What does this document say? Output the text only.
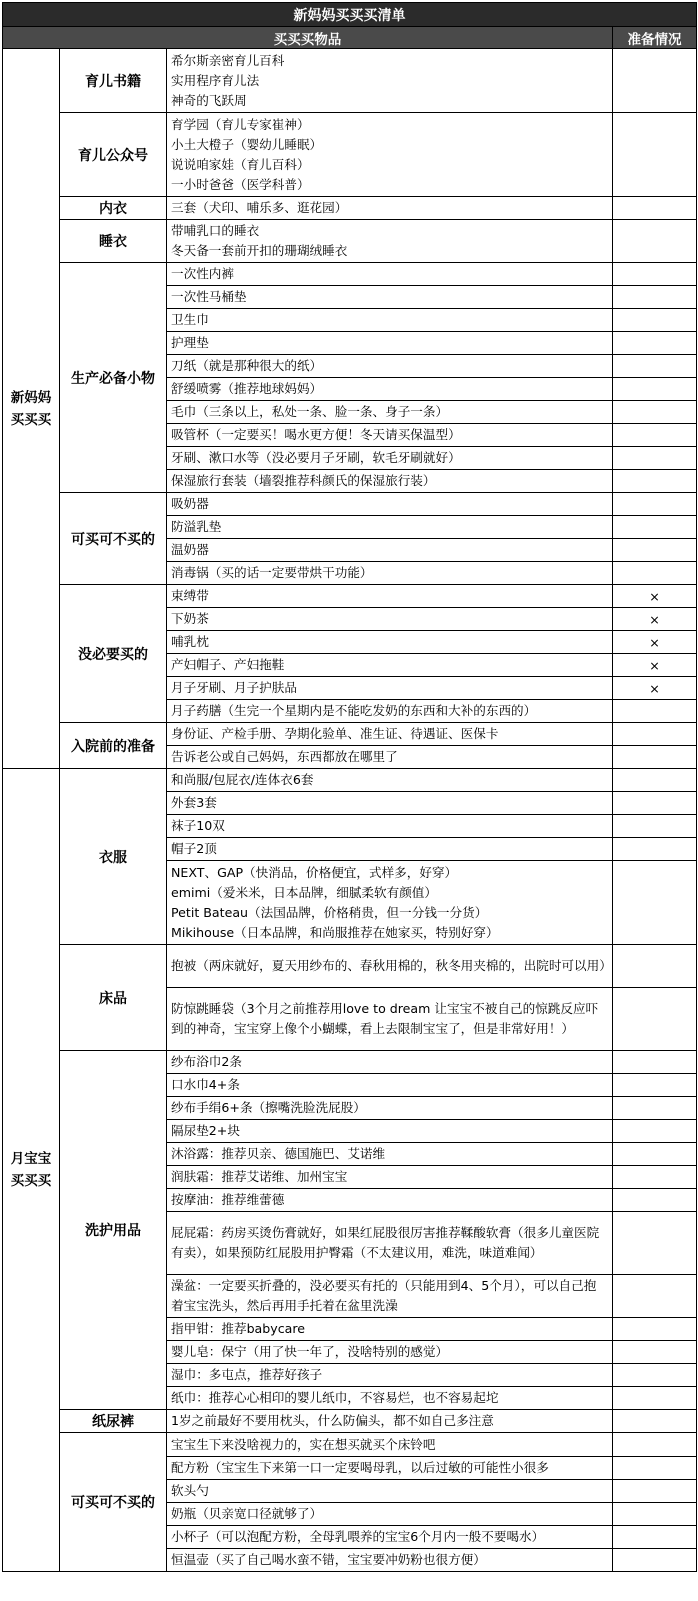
新妈妈买买买清单			
买买买物品			准备情况

新妈妈
买买买	育儿书籍	希尔斯亲密育儿百科
实用程序育儿法
神奇的飞跃周	

	育儿公众号	育学园（育儿专家崔神）
小土大橙子（婴幼儿睡眠）
说说咱家娃（育儿百科）
一小时爸爸（医学科普）	

	内衣	三套（犬印、哺乐多、逛花园）	

	睡衣	带哺乳口的睡衣
冬天备一套前开扣的珊瑚绒睡衣	

	生产必备小物	一次性内裤	

		一次性马桶垫	

		卫生巾	

		护理垫	

		刀纸（就是那种很大的纸）	

		舒缓喷雾（推荐地球妈妈）	

		毛巾（三条以上，私处一条、脸一条、身子一条）	

		吸管杯（一定要买！喝水更方便！冬天请买保温型）	

		牙刷、漱口水等（没必要月子牙刷，软毛牙刷就好）	

		保湿旅行套装（墙裂推荐科颜氏的保湿旅行装）	

	可买可不买的	吸奶器	

		防溢乳垫	

		温奶器	

		消毒锅（买的话一定要带烘干功能）	

	没必要买的	束缚带	×

		下奶茶	×

		哺乳枕	×

		产妇帽子、产妇拖鞋	×

		月子牙刷、月子护肤品	×

		月子药膳（生完一个星期内是不能吃发奶的东西和大补的东西的）	

	入院前的准备	身份证、产检手册、孕期化验单、准生证、待遇证、医保卡	

		告诉老公或自己妈妈，东西都放在哪里了	

月宝宝
买买买	衣服	和尚服/包屁衣/连体衣6套	

		外套3套	

		袜子10双	

		帽子2顶	

		NEXT、GAP（快消品，价格便宜，式样多，好穿）
emimi（爱米米，日本品牌，细腻柔软有颜值）
Petit Bateau（法国品牌，价格稍贵，但一分钱一分货）
Mikihouse（日本品牌，和尚服推荐在她家买，特别好穿）	

	床品	抱被（两床就好，夏天用纱布的、春秋用棉的，秋冬用夹棉的，出院时可以用）	

		防惊跳睡袋（3个月之前推荐用love to dream 让宝宝不被自己的惊跳反应吓到的神奇，宝宝穿上像个小蝴蝶，看上去限制宝宝了，但是非常好用！）	

	洗护用品	纱布浴巾2条	

		口水巾4+条	

		纱布手绢6+条（擦嘴洗脸洗屁股）	

		隔尿垫2+块	

		沐浴露：推荐贝亲、德国施巴、艾诺维	

		润肤霜：推荐艾诺维、加州宝宝	

		按摩油：推荐维蕾德	

		屁屁霜：药房买烫伤膏就好，如果红屁股很厉害推荐鞣酸软膏（很多儿童医院有卖），如果预防红屁股用护臀霜（不太建议用，难洗，味道难闻）	

		澡盆：一定要买折叠的，没必要买有托的（只能用到4、5个月），可以自己抱着宝宝洗头，然后再用手托着在盆里洗澡	

		指甲钳：推荐babycare	

		婴儿皂：保宁（用了快一年了，没啥特别的感觉）	

		湿巾：多屯点，推荐好孩子	

		纸巾：推荐心心相印的婴儿纸巾，不容易烂，也不容易起坨	

	纸尿裤	1岁之前最好不要用枕头，什么防偏头，都不如自己多注意	

	可买可不买的	宝宝生下来没啥视力的，实在想买就买个床铃吧	

		配方粉（宝宝生下来第一口一定要喝母乳，以后过敏的可能性小很多	

		软头勺	

		奶瓶（贝亲宽口径就够了）	

		小杯子（可以泡配方粉，全母乳喂养的宝宝6个月内一般不要喝水）	

		恒温壶（买了自己喝水蛮不错，宝宝要冲奶粉也很方便）	
